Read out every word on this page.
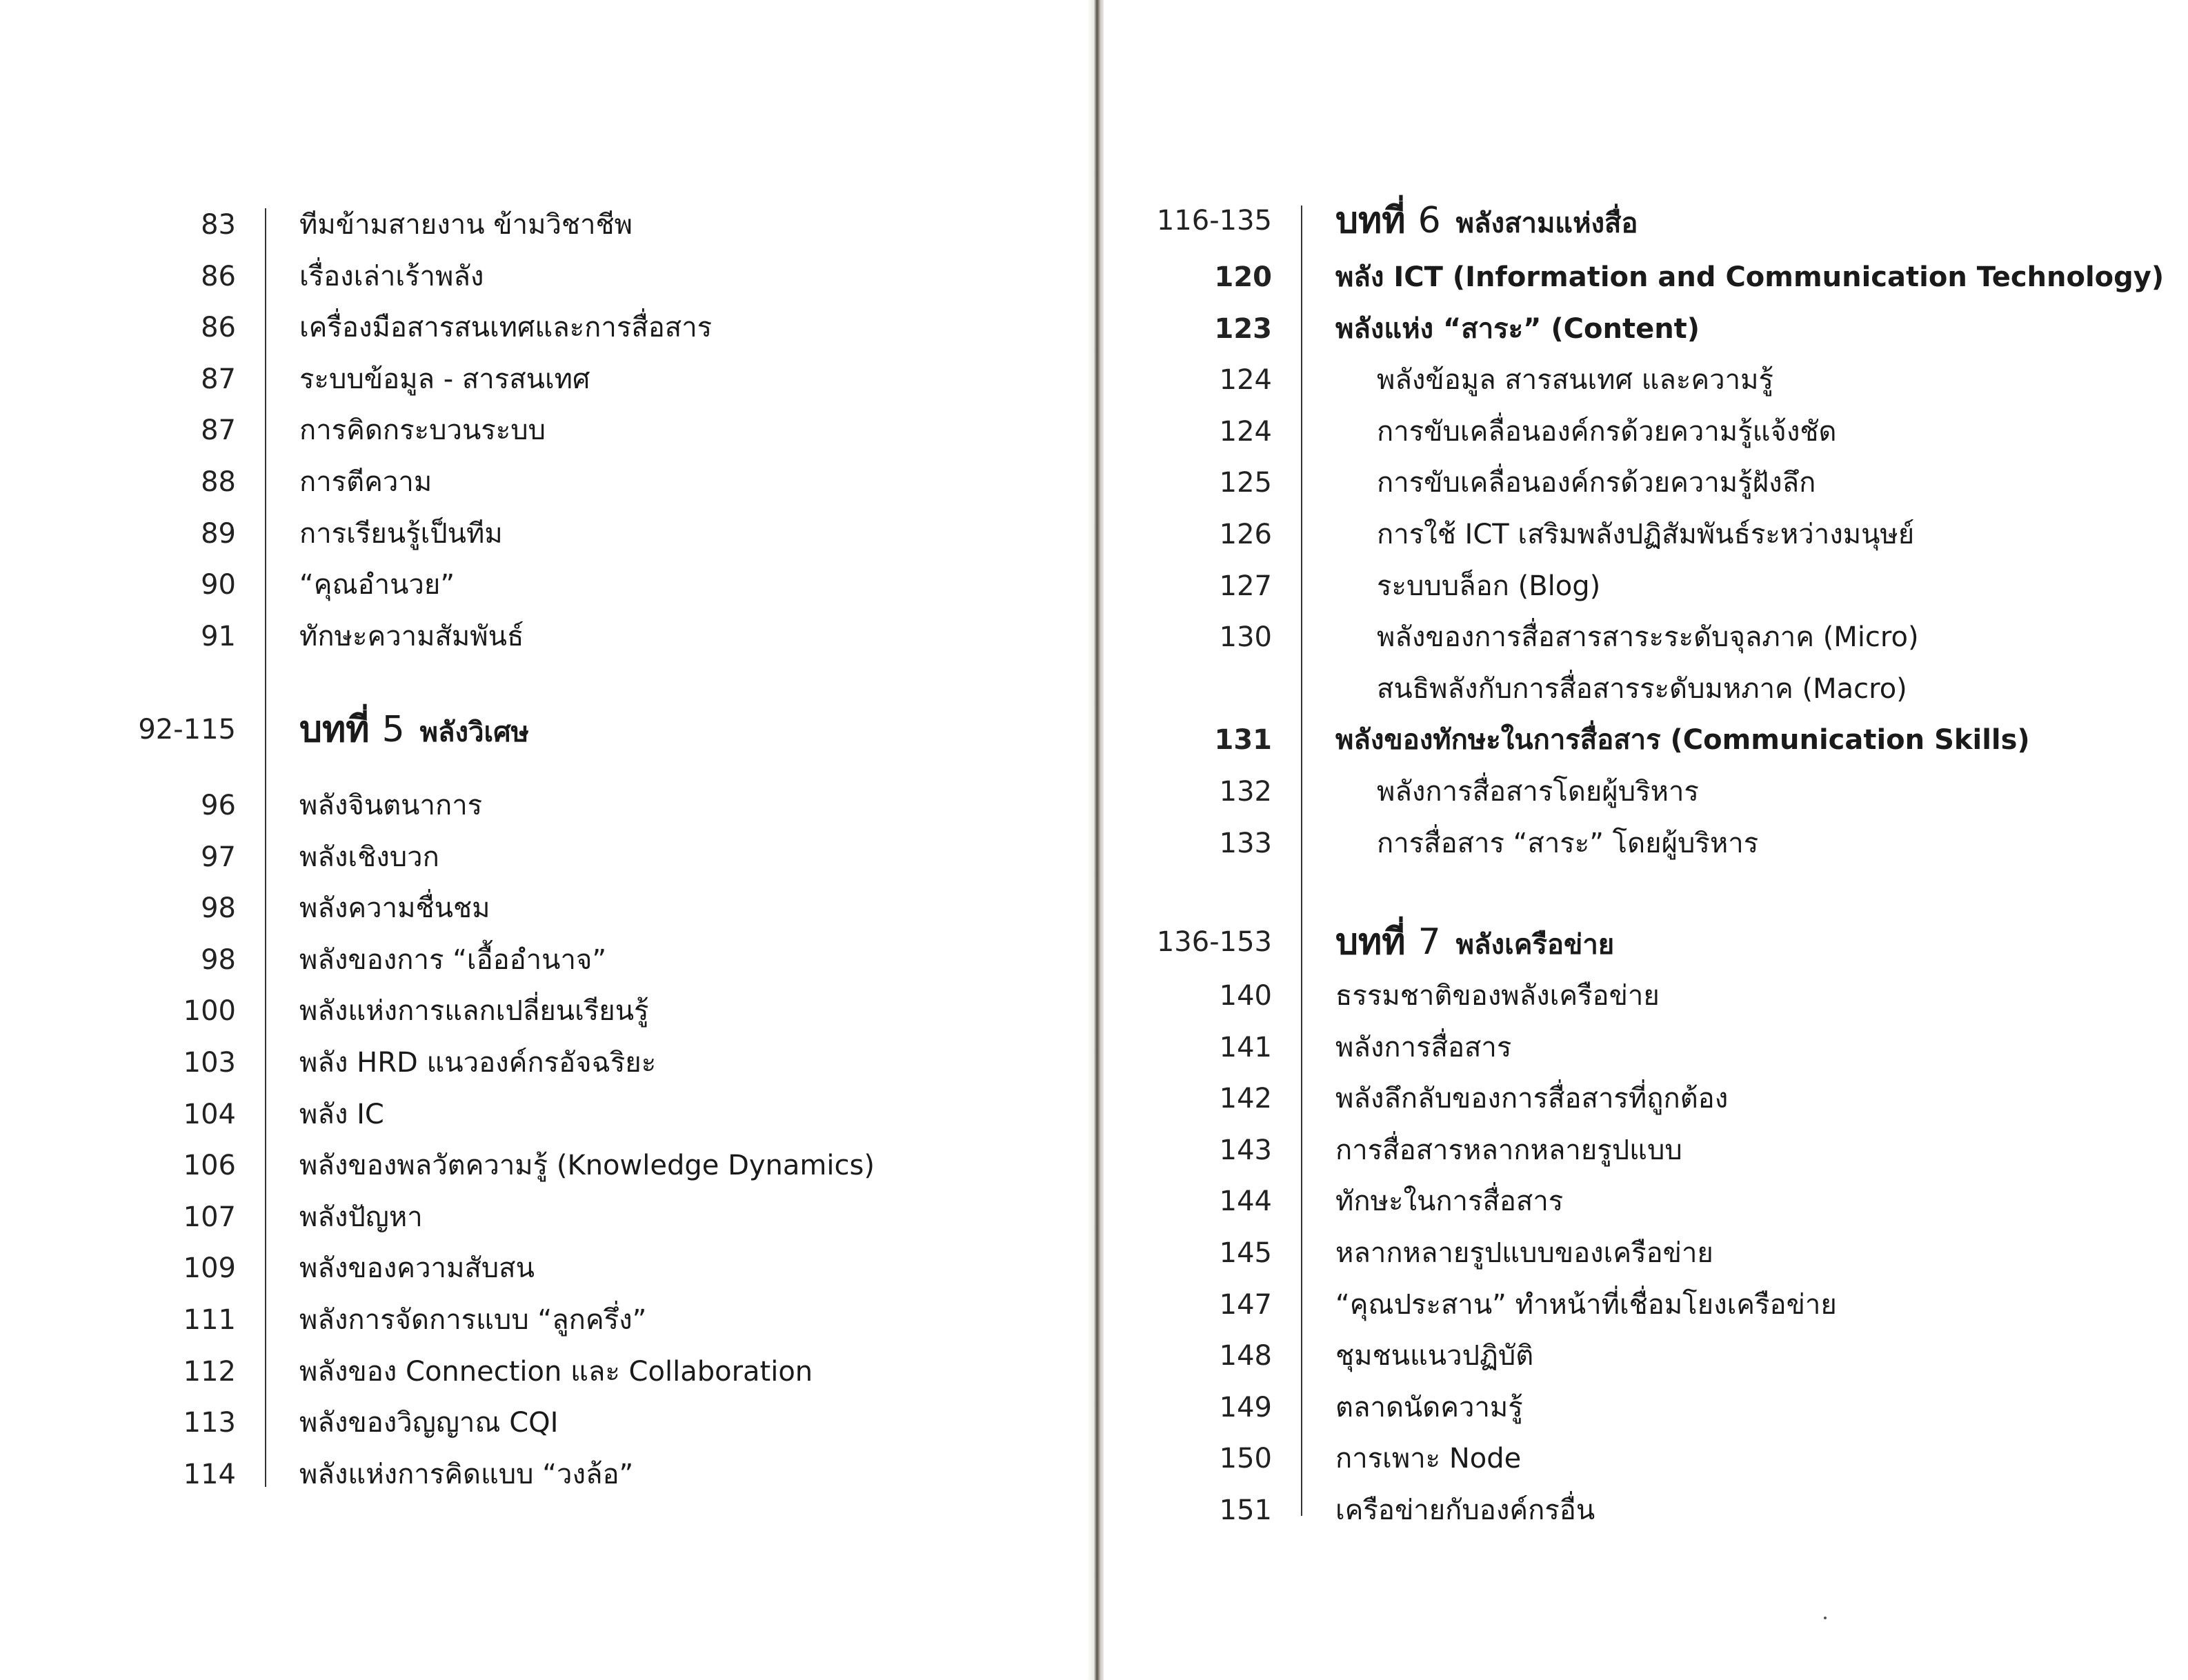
83 ทีมข้ามสายงาน ข้ามวิชาชีพ
86 เรื่องเล่าเร้าพลัง
86 เครื่องมือสารสนเทศและการสื่อสาร
87 ระบบข้อมูล - สารสนเทศ
87 การคิดกระบวนระบบ
88 การตีความ
89 การเรียนรู้เป็นทีม
90 “คุณอำนวย”
91 ทักษะความสัมพันธ์
92-115 บทที่ 5 พลังวิเศษ
96 พลังจินตนาการ
97 พลังเชิงบวก
98 พลังความชื่นชม
98 พลังของการ “เอื้ออำนาจ”
100 พลังแห่งการแลกเปลี่ยนเรียนรู้
103 พลัง HRD แนวองค์กรอัจฉริยะ
104 พลัง IC
106 พลังของพลวัตความรู้ (Knowledge Dynamics)
107 พลังปัญหา
109 พลังของความสับสน
111 พลังการจัดการแบบ “ลูกครึ่ง”
112 พลังของ Connection และ Collaboration
113 พลังของวิญญาณ CQI
114 พลังแห่งการคิดแบบ “วงล้อ”
116-135 บทที่ 6 พลังสามแห่งสื่อ
120 พลัง ICT (Information and Communication Technology)
123 พลังแห่ง “สาระ” (Content)
124	พลังข้อมูล สารสนเทศ และความรู้
124	การขับเคลื่อนองค์กรด้วยความรู้แจ้งชัด
125	การขับเคลื่อนองค์กรด้วยความรู้ฝังลึก
126	การใช้ ICT เสริมพลังปฏิสัมพันธ์ระหว่างมนุษย์
127	ระบบบล็อก (Blog)
130	พลังของการสื่อสารสาระระดับจุลภาค (Micro)
สนธิพลังกับการสื่อสารระดับมหภาค (Macro)
131 พลังของทักษะในการสื่อสาร (Communication Skills)
132	พลังการสื่อสารโดยผู้บริหาร
133	การสื่อสาร “สาระ” โดยผู้บริหาร
136-153 บทที่ 7 พลังเครือข่าย
140 ธรรมชาติของพลังเครือข่าย
141 พลังการสื่อสาร
142 พลังลึกลับของการสื่อสารที่ถูกต้อง
143 การสื่อสารหลากหลายรูปแบบ
144 ทักษะในการสื่อสาร
145 หลากหลายรูปแบบของเครือข่าย
147 “คุณประสาน” ทำหน้าที่เชื่อมโยงเครือข่าย
148 ชุมชนแนวปฏิบัติ
149 ตลาดนัดความรู้
150 การเพาะ Node
151 เครือข่ายกับองค์กรอื่น
